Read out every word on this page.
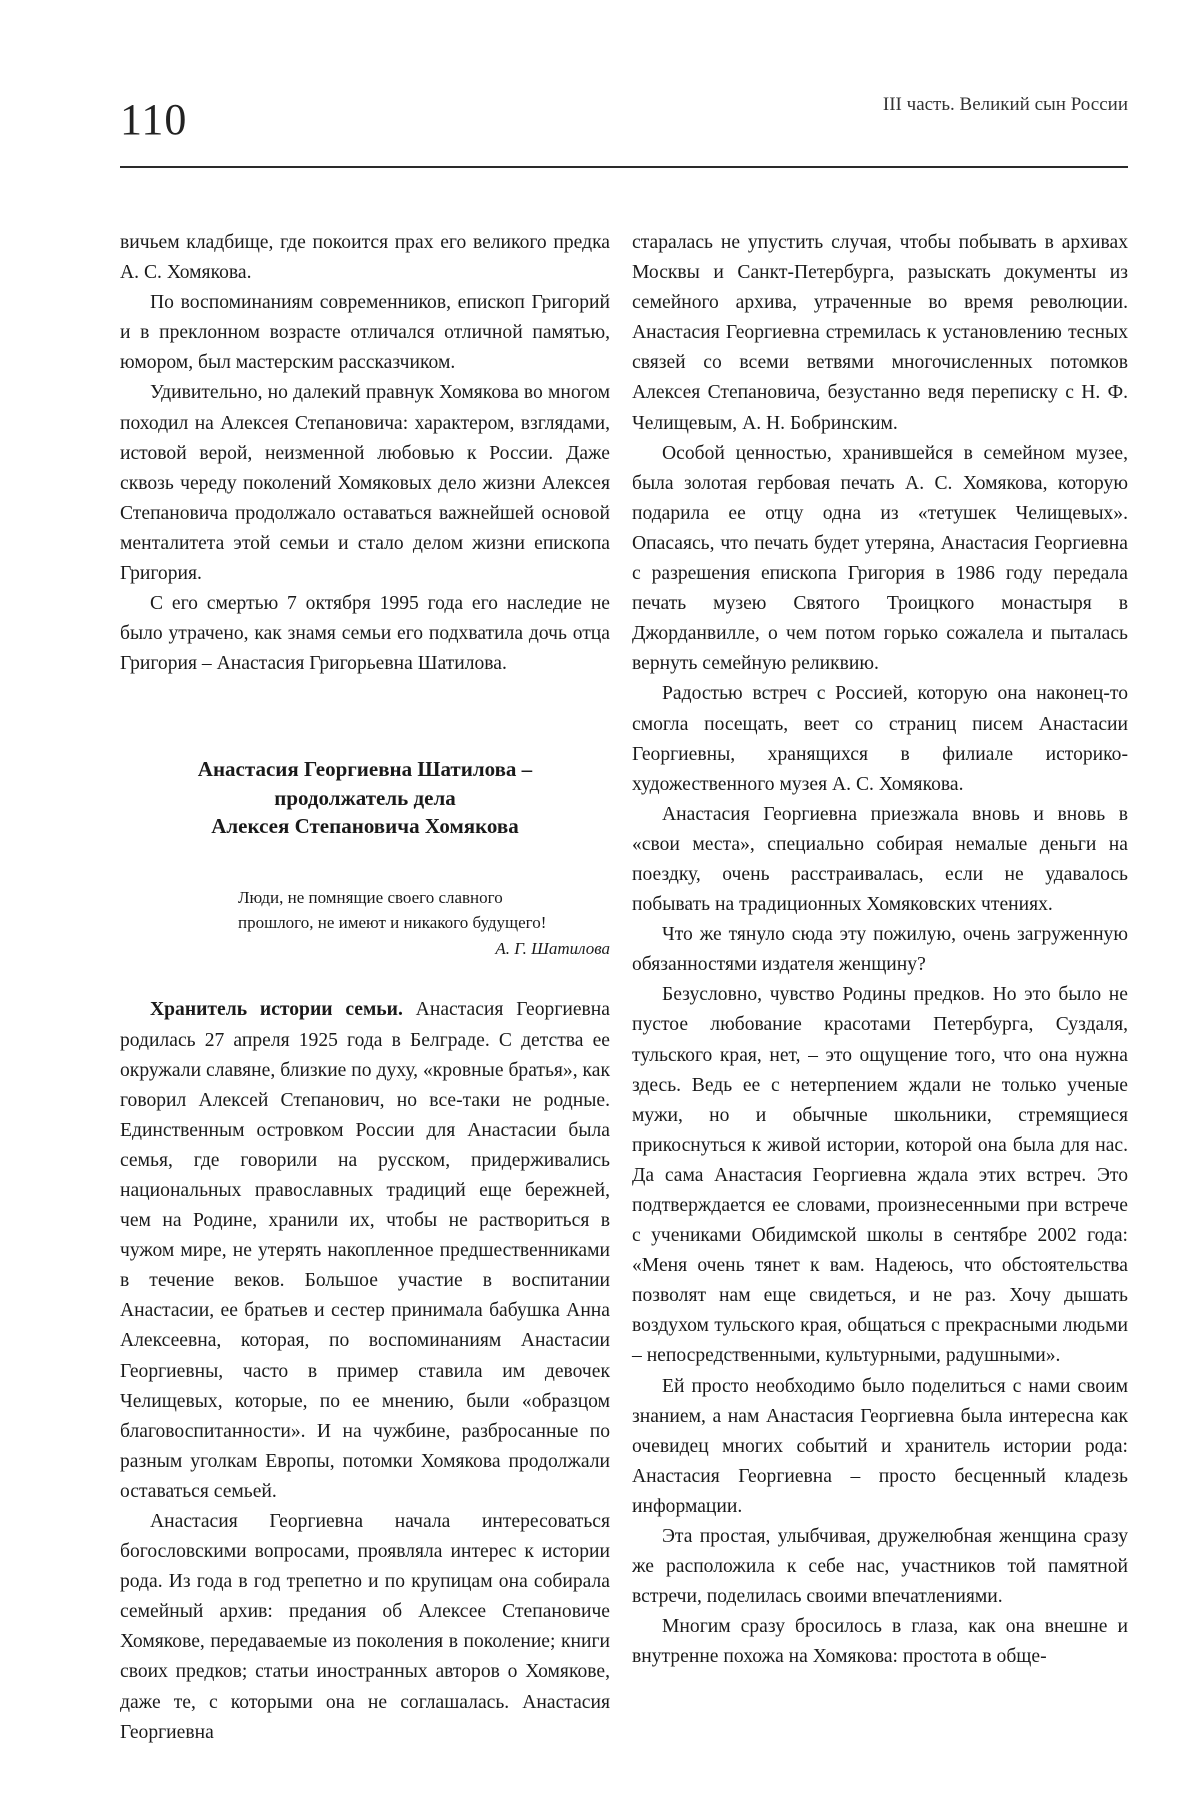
110	III часть. Великий сын России

вичьем кладбище, где покоится прах его великого предка А. С. Хомякова.

По воспоминаниям современников, епископ Григорий и в преклонном возрасте отличался отличной памятью, юмором, был мастерским рассказчиком.

Удивительно, но далекий правнук Хомякова во многом походил на Алексея Степановича: характером, взглядами, истовой верой, неизменной любовью к России. Даже сквозь череду поколений Хомяковых дело жизни Алексея Степановича продолжало оставаться важнейшей основой менталитета этой семьи и стало делом жизни епископа Григория.

С его смертью 7 октября 1995 года его наследие не было утрачено, как знамя семьи его подхватила дочь отца Григория – Анастасия Григорьевна Шатилова.

Анастасия Георгиевна Шатилова –
продолжатель дела
Алексея Степановича Хомякова
Люди, не помнящие своего славного
прошлого, не имеют и никакого будущего!
А. Г. Шатилова

Хранитель истории семьи. Анастасия Георгиевна родилась 27 апреля 1925 года в Белграде. С детства ее окружали славяне, близкие по духу, «кровные братья», как говорил Алексей Степанович, но все-таки не родные. Единственным островком России для Анастасии была семья, где говорили на русском, придерживались национальных православных традиций еще бережней, чем на Родине, хранили их, чтобы не раствориться в чужом мире, не утерять накопленное предшественниками в течение веков. Большое участие в воспитании Анастасии, ее братьев и сестер принимала бабушка Анна Алексеевна, которая, по воспоминаниям Анастасии Георгиевны, часто в пример ставила им девочек Челищевых, которые, по ее мнению, были «образцом благовоспитанности». И на чужбине, разбросанные по разным уголкам Европы, потомки Хомякова продолжали оставаться семьей.

Анастасия Георгиевна начала интересоваться богословскими вопросами, проявляла интерес к истории рода. Из года в год трепетно и по крупицам она собирала семейный архив: предания об Алексее Степановиче Хомякове, передаваемые из поколения в поколение; книги своих предков; статьи иностранных авторов о Хомякове, даже те, с которыми она не соглашалась. Анастасия Георгиевна

старалась не упустить случая, чтобы побывать в архивах Москвы и Санкт-Петербурга, разыскать документы из семейного архива, утраченные во время революции. Анастасия Георгиевна стремилась к установлению тесных связей со всеми ветвями многочисленных потомков Алексея Степановича, безустанно ведя переписку с Н. Ф. Челищевым, А. Н. Бобринским.

Особой ценностью, хранившейся в семейном музее, была золотая гербовая печать А. С. Хомякова, которую подарила ее отцу одна из «тетушек Челищевых». Опасаясь, что печать будет утеряна, Анастасия Георгиевна с разрешения епископа Григория в 1986 году передала печать музею Святого Троицкого монастыря в Джорданвилле, о чем потом горько сожалела и пыталась вернуть семейную реликвию.

Радостью встреч с Россией, которую она наконец-то смогла посещать, веет со страниц писем Анастасии Георгиевны, хранящихся в филиале историко-художественного музея А. С. Хомякова.

Анастасия Георгиевна приезжала вновь и вновь в «свои места», специально собирая немалые деньги на поездку, очень расстраивалась, если не удавалось побывать на традиционных Хомяковских чтениях.

Что же тянуло сюда эту пожилую, очень загруженную обязанностями издателя женщину?

Безусловно, чувство Родины предков. Но это было не пустое любование красотами Петербурга, Суздаля, тульского края, нет, – это ощущение того, что она нужна здесь. Ведь ее с нетерпением ждали не только ученые мужи, но и обычные школьники, стремящиеся прикоснуться к живой истории, которой она была для нас. Да сама Анастасия Георгиевна ждала этих встреч. Это подтверждается ее словами, произнесенными при встрече с учениками Обидимской школы в сентябре 2002 года: «Меня очень тянет к вам. Надеюсь, что обстоятельства позволят нам еще свидеться, и не раз. Хочу дышать воздухом тульского края, общаться с прекрасными людьми – непосредственными, культурными, радушными».

Ей просто необходимо было поделиться с нами своим знанием, а нам Анастасия Георгиевна была интересна как очевидец многих событий и хранитель истории рода: Анастасия Георгиевна – просто бесценный кладезь информации.

Эта простая, улыбчивая, дружелюбная женщина сразу же расположила к себе нас, участников той памятной встречи, поделилась своими впечатлениями.

Многим сразу бросилось в глаза, как она внешне и внутренне похожа на Хомякова: простота в обще-
